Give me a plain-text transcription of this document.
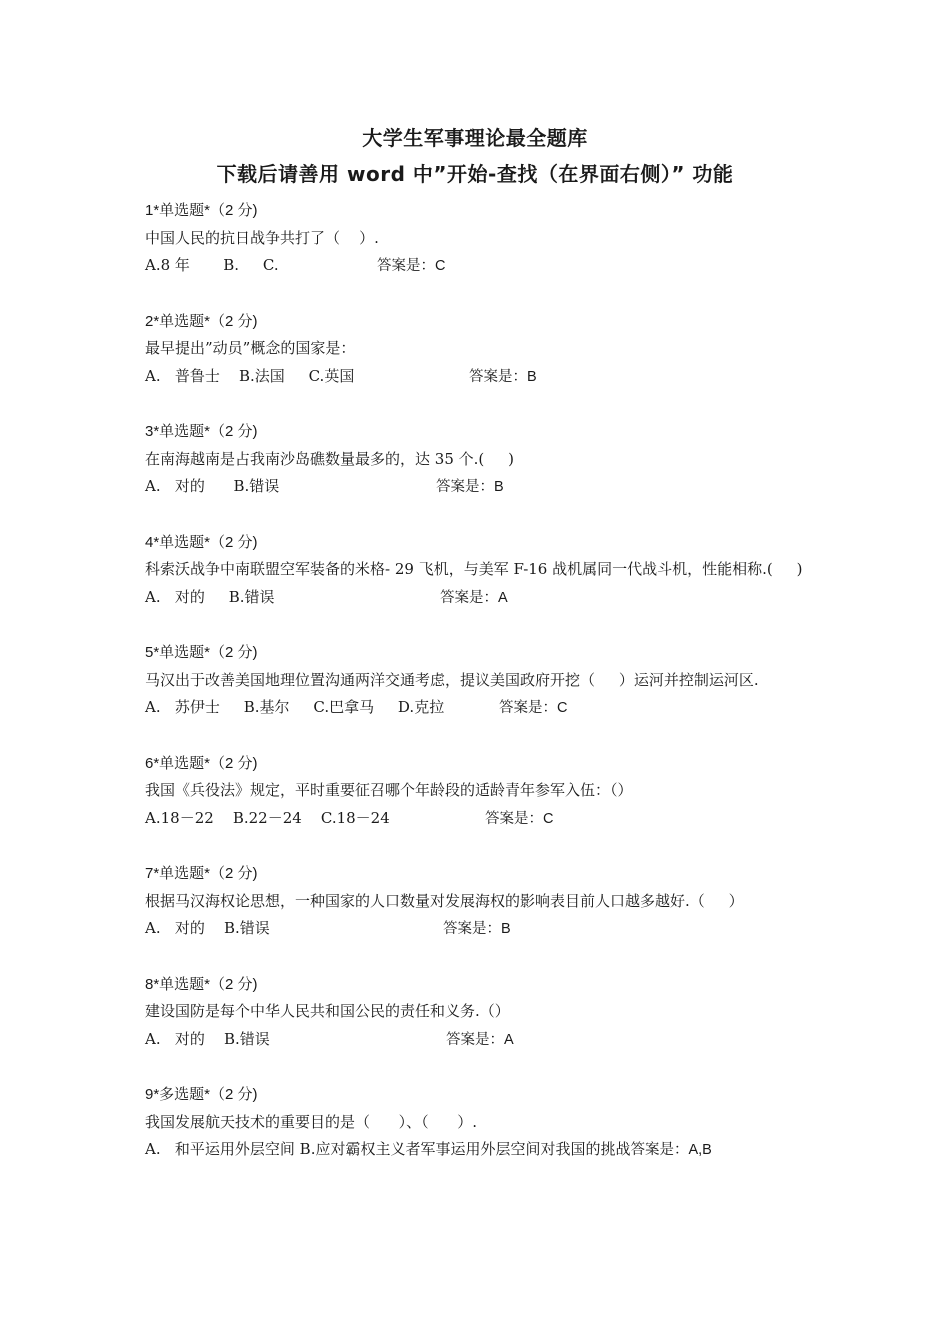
大学生军事理论最全题库
下载后请善用 word 中”开始-查找（在界面右侧）” 功能
1*单选题*（2 分)
中国人民的抗日战争共打了（    ）.
A.8 年       B.     C.	答案是：C
2*单选题*（2 分)
最早提出”动员”概念的国家是：
A.   普鲁士    B.法国     C.英国	答案是：B
3*单选题*（2 分)
在南海越南是占我南沙岛礁数量最多的，达 35 个.(     )
A.   对的      B.错误	答案是：B
4*单选题*（2 分)
科索沃战争中南联盟空军装备的米格- 29 飞机，与美军 F-16 战机属同一代战斗机，性能相称.(     )
A.   对的     B.错误	答案是：A
5*单选题*（2 分)
马汉出于改善美国地理位置沟通两洋交通考虑，提议美国政府开挖（     ）运河并控制运河区.
A.   苏伊士     B.基尔     C.巴拿马     D.克拉	答案是：C
6*单选题*（2 分)
我国《兵役法》规定，平时重要征召哪个年龄段的适龄青年参军入伍：（）
A.18－22    B.22－24    C.18－24	答案是：C
7*单选题*（2 分)
根据马汉海权论思想，一种国家的人口数量对发展海权的影响表目前人口越多越好.（     ）
A.   对的    B.错误	答案是：B
8*单选题*（2 分)
建设国防是每个中华人民共和国公民的责任和义务.（）
A.   对的    B.错误	答案是：A
9*多选题*（2 分)
我国发展航天技术的重要目的是（      ）、（      ）.
A.   和平运用外层空间 B.应对霸权主义者军事运用外层空间对我国的挑战 答案是：A,B
